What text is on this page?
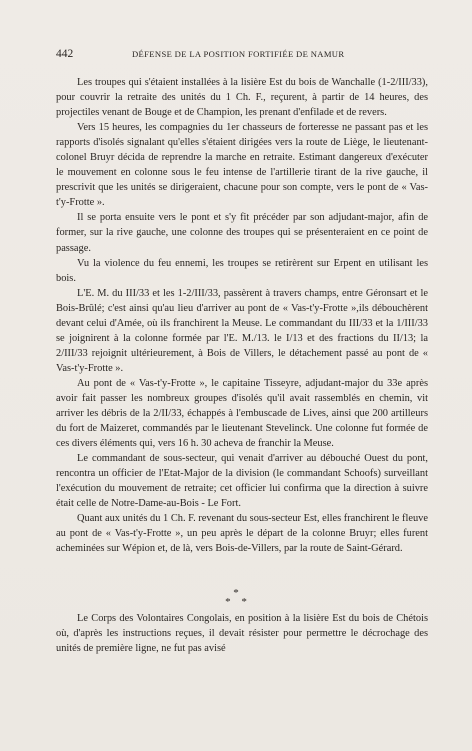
442	DÉFENSE DE LA POSITION FORTIFIÉE DE NAMUR

Les troupes qui s'étaient installées à la lisière Est du bois de Wanchalle (1-2/III/33), pour couvrir la retraite des unités du 1 Ch. F., reçurent, à partir de 14 heures, des projectiles venant de Bouge et de Champion, les prenant d'enfilade et de revers.

Vers 15 heures, les compagnies du 1er chasseurs de forteresse ne passant pas et les rapports d'isolés signalant qu'elles s'étaient dirigées vers la route de Liège, le lieutenant-colonel Bruyr décida de reprendre la marche en retraite. Estimant dangereux d'exécuter le mouvement en colonne sous le feu intense de l'artillerie tirant de la rive gauche, il prescrivit que les unités se dirigeraient, chacune pour son compte, vers le pont de « Vas-t'y-Frotte ».

Il se porta ensuite vers le pont et s'y fit précéder par son adjudant-major, afin de former, sur la rive gauche, une colonne des troupes qui se présenteraient en ce point de passage.

Vu la violence du feu ennemi, les troupes se retirèrent sur Erpent en utilisant les bois.

L'E. M. du III/33 et les 1-2/III/33, passèrent à travers champs, entre Géronsart et le Bois-Brûlé; c'est ainsi qu'au lieu d'arriver au pont de « Vas-t'y-Frotte »,ils débouchèrent devant celui d'Amée, où ils franchirent la Meuse. Le commandant du III/33 et la 1/III/33 se joignirent à la colonne formée par l'E. M./13. le I/13 et des fractions du II/13; la 2/III/33 rejoignit ultérieurement, à Bois de Villers, le détachement passé au pont de « Vas-t'y-Frotte ».

Au pont de « Vas-t'y-Frotte », le capitaine Tisseyre, adjudant-major du 33e après avoir fait passer les nombreux groupes d'isolés qu'il avait rassemblés en chemin, vit arriver les débris de la 2/II/33, échappés à l'embuscade de Lives, ainsi que 200 artilleurs du fort de Maizeret, commandés par le lieutenant Stevelinck. Une colonne fut formée de ces divers éléments qui, vers 16 h. 30 acheva de franchir la Meuse.

Le commandant de sous-secteur, qui venait d'arriver au débouché Ouest du pont, rencontra un officier de l'Etat-Major de la division (le commandant Schoofs) surveillant l'exécution du mouvement de retraite; cet officier lui confirma que la direction à suivre était celle de Notre-Dame-au-Bois - Le Fort.

Quant aux unités du 1 Ch. F. revenant du sous-secteur Est, elles franchirent le fleuve au pont de « Vas-t'y-Frotte », un peu après le départ de la colonne Bruyr; elles furent acheminées sur Wépion et, de là, vers Bois-de-Villers, par la route de Saint-Gérard.

*
* *

Le Corps des Volontaires Congolais, en position à la lisière Est du bois de Chétois où, d'après les instructions reçues, il devait résister pour permettre le décrochage des unités de première ligne, ne fut pas avisé
